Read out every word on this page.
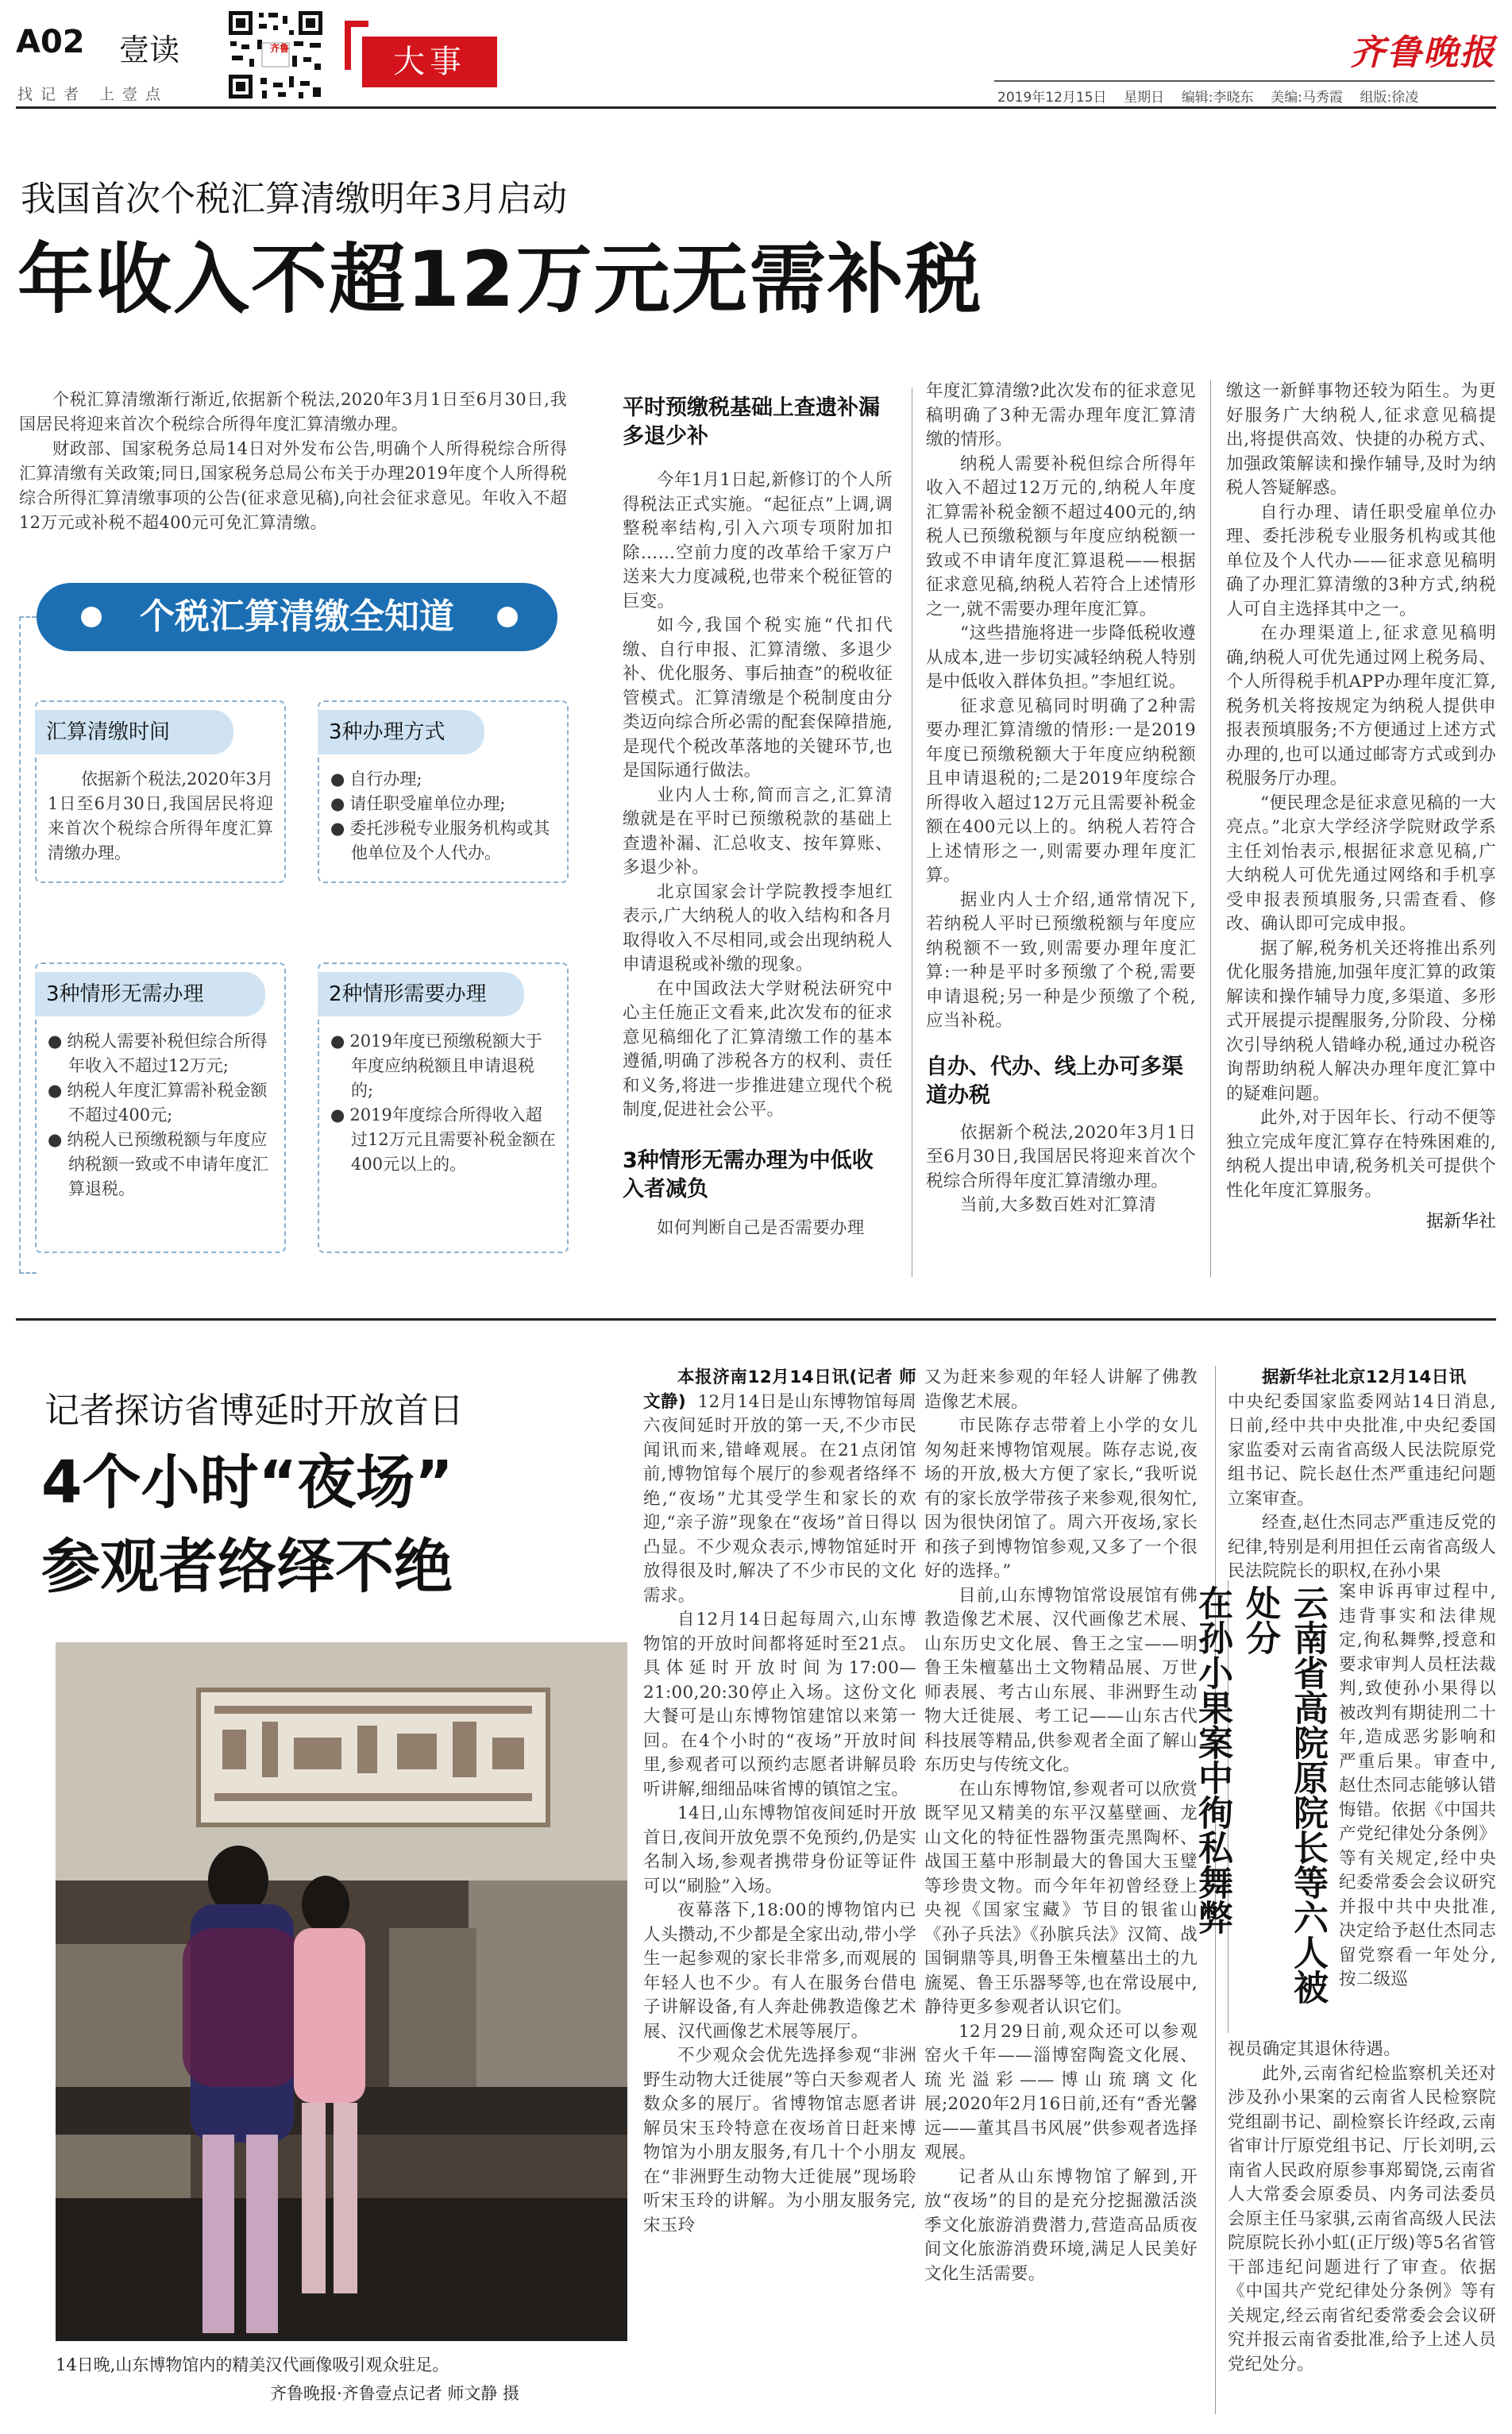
A02 壹读
找记者 上壹点
齐鲁	大事	齐鲁晚报
2019年12月15日 星期日 编辑:李晓东 美编:马秀霞 组版:徐凌
我国首次个税汇算清缴明年3月启动
年收入不超12万元无需补税

个税汇算清缴渐行渐近,依据新个税法,2020年3月1日至6月30日,我国居民将迎来首次个税综合所得年度汇算清缴办理。

财政部、国家税务总局14日对外发布公告,明确个人所得税综合所得汇算清缴有关政策;同日,国家税务总局公布关于办理2019年度个人所得税综合所得汇算清缴事项的公告(征求意见稿),向社会征求意见。年收入不超12万元或补税不超400元可免汇算清缴。

个税汇算清缴全知道

依据新个税法,2020年3月1日至6月30日,我国居民将迎来首次个税综合所得年度汇算清缴办理。

汇算清缴时间
● 自行办理;
● 请任职受雇单位办理;
● 委托涉税专业服务机构或其他单位及个人代办。
3种办理方式
● 纳税人需要补税但综合所得年收入不超过12万元;
● 纳税人年度汇算需补税金额不超过400元;
● 纳税人已预缴税额与年度应纳税额一致或不申请年度汇算退税。
3种情形无需办理
● 2019年度已预缴税额大于年度应纳税额且申请退税的;
● 2019年度综合所得收入超过12万元且需要补税金额在400元以上的。
2种情形需要办理
平时预缴税基础上查遗补漏多退少补

今年1月1日起,新修订的个人所得税法正式实施。“起征点”上调,调整税率结构,引入六项专项附加扣除……空前力度的改革给千家万户送来大力度减税,也带来个税征管的巨变。

如今,我国个税实施“代扣代缴、自行申报、汇算清缴、多退少补、优化服务、事后抽查”的税收征管模式。汇算清缴是个税制度由分类迈向综合所必需的配套保障措施,是现代个税改革落地的关键环节,也是国际通行做法。

业内人士称,简而言之,汇算清缴就是在平时已预缴税款的基础上查遗补漏、汇总收支、按年算账、多退少补。

北京国家会计学院教授李旭红表示,广大纳税人的收入结构和各月取得收入不尽相同,或会出现纳税人申请退税或补缴的现象。

在中国政法大学财税法研究中心主任施正文看来,此次发布的征求意见稿细化了汇算清缴工作的基本遵循,明确了涉税各方的权利、责任和义务,将进一步推进建立现代个税制度,促进社会公平。

3种情形无需办理为中低收入者减负

如何判断自己是否需要办理

年度汇算清缴?此次发布的征求意见稿明确了3种无需办理年度汇算清缴的情形。

纳税人需要补税但综合所得年收入不超过12万元的,纳税人年度汇算需补税金额不超过400元的,纳税人已预缴税额与年度应纳税额一致或不申请年度汇算退税——根据征求意见稿,纳税人若符合上述情形之一,就不需要办理年度汇算。

“这些措施将进一步降低税收遵从成本,进一步切实减轻纳税人特别是中低收入群体负担。”李旭红说。

征求意见稿同时明确了2种需要办理汇算清缴的情形:一是2019年度已预缴税额大于年度应纳税额且申请退税的;二是2019年度综合所得收入超过12万元且需要补税金额在400元以上的。纳税人若符合上述情形之一,则需要办理年度汇算。

据业内人士介绍,通常情况下,若纳税人平时已预缴税额与年度应纳税额不一致,则需要办理年度汇算:一种是平时多预缴了个税,需要申请退税;另一种是少预缴了个税,应当补税。

自办、代办、线上办可多渠道办税

依据新个税法,2020年3月1日至6月30日,我国居民将迎来首次个税综合所得年度汇算清缴办理。

当前,大多数百姓对汇算清

缴这一新鲜事物还较为陌生。为更好服务广大纳税人,征求意见稿提出,将提供高效、快捷的办税方式、加强政策解读和操作辅导,及时为纳税人答疑解惑。

自行办理、请任职受雇单位办理、委托涉税专业服务机构或其他单位及个人代办——征求意见稿明确了办理汇算清缴的3种方式,纳税人可自主选择其中之一。

在办理渠道上,征求意见稿明确,纳税人可优先通过网上税务局、个人所得税手机APP办理年度汇算,税务机关将按规定为纳税人提供申报表预填服务;不方便通过上述方式办理的,也可以通过邮寄方式或到办税服务厅办理。

“便民理念是征求意见稿的一大亮点。”北京大学经济学院财政学系主任刘怡表示,根据征求意见稿,广大纳税人可优先通过网络和手机享受申报表预填服务,只需查看、修改、确认即可完成申报。

据了解,税务机关还将推出系列优化服务措施,加强年度汇算的政策解读和操作辅导力度,多渠道、多形式开展提示提醒服务,分阶段、分梯次引导纳税人错峰办税,通过办税咨询帮助纳税人解决办理年度汇算中的疑难问题。

此外,对于因年长、行动不便等独立完成年度汇算存在特殊困难的,纳税人提出申请,税务机关可提供个性化年度汇算服务。

据新华社
记者探访省博延时开放首日
4个小时“夜场”
参观者络绎不绝
14日晚,山东博物馆内的精美汉代画像吸引观众驻足。
齐鲁晚报·齐鲁壹点记者 师文静 摄

本报济南12月14日讯(记者 师文静) 12月14日是山东博物馆每周六夜间延时开放的第一天,不少市民闻讯而来,错峰观展。在21点闭馆前,博物馆每个展厅的参观者络绎不绝,“夜场”尤其受学生和家长的欢迎,“亲子游”现象在“夜场”首日得以凸显。不少观众表示,博物馆延时开放得很及时,解决了不少市民的文化需求。

自12月14日起每周六,山东博物馆的开放时间都将延时至21点。具体延时开放时间为17:00—21:00,20:30停止入场。这份文化大餐可是山东博物馆建馆以来第一回。在4个小时的“夜场”开放时间里,参观者可以预约志愿者讲解员聆听讲解,细细品味省博的镇馆之宝。

14日,山东博物馆夜间延时开放首日,夜间开放免票不免预约,仍是实名制入场,参观者携带身份证等证件可以“刷脸”入场。

夜幕落下,18:00的博物馆内已人头攒动,不少都是全家出动,带小学生一起参观的家长非常多,而观展的年轻人也不少。有人在服务台借电子讲解设备,有人奔赴佛教造像艺术展、汉代画像艺术展等展厅。

不少观众会优先选择参观“非洲野生动物大迁徙展”等白天参观者人数众多的展厅。省博物馆志愿者讲解员宋玉玲特意在夜场首日赶来博物馆为小朋友服务,有几十个小朋友在“非洲野生动物大迁徙展”现场聆听宋玉玲的讲解。为小朋友服务完,宋玉玲

又为赶来参观的年轻人讲解了佛教造像艺术展。

市民陈存志带着上小学的女儿匆匆赶来博物馆观展。陈存志说,夜场的开放,极大方便了家长,“我听说有的家长放学带孩子来参观,很匆忙,因为很快闭馆了。周六开夜场,家长和孩子到博物馆参观,又多了一个很好的选择。”

目前,山东博物馆常设展馆有佛教造像艺术展、汉代画像艺术展、山东历史文化展、鲁王之宝——明鲁王朱檀墓出土文物精品展、万世师表展、考古山东展、非洲野生动物大迁徙展、考工记——山东古代科技展等精品,供参观者全面了解山东历史与传统文化。

在山东博物馆,参观者可以欣赏既罕见又精美的东平汉墓壁画、龙山文化的特征性器物蛋壳黑陶杯、战国王墓中形制最大的鲁国大玉璧等珍贵文物。而今年年初曾经登上央视《国家宝藏》节目的银雀山《孙子兵法》《孙膑兵法》汉简、战国铜鼎等具,明鲁王朱檀墓出土的九旒冕、鲁王乐器琴等,也在常设展中,静待更多参观者认识它们。

12月29日前,观众还可以参观窑火千年——淄博窑陶瓷文化展、琉光溢彩——博山琉璃文化展;2020年2月16日前,还有“香光馨远——董其昌书风展”供参观者选择观展。

记者从山东博物馆了解到,开放“夜场”的目的是充分挖掘激活淡季文化旅游消费潜力,营造高品质夜间文化旅游消费环境,满足人民美好文化生活需要。

据新华社北京12月14日讯

中央纪委国家监委网站14日消息,日前,经中共中央批准,中央纪委国家监委对云南省高级人民法院原党组书记、院长赵仕杰严重违纪问题立案审查。

经查,赵仕杰同志严重违反党的纪律,特别是利用担任云南省高级人民法院院长的职权,在孙小果

云南省高院原院长等六人被处分
在孙小果案中徇私舞弊	案申诉再审过程中,违背事实和法律规定,徇私舞弊,授意和要求审判人员枉法裁判,致使孙小果得以被改判有期徒刑二十年,造成恶劣影响和严重后果。审查中,赵仕杰同志能够认错悔错。依据《中国共产党纪律处分条例》等有关规定,经中央纪委常委会会议研究并报中共中央批准,决定给予赵仕杰同志留党察看一年处分,按二级巡

视员确定其退休待遇。

此外,云南省纪检监察机关还对涉及孙小果案的云南省人民检察院党组副书记、副检察长许经政,云南省审计厅原党组书记、厅长刘明,云南省人民政府原参事郑蜀饶,云南省人大常委会原委员、内务司法委员会原主任马家骐,云南省高级人民法院原院长孙小虹(正厅级)等5名省管干部违纪问题进行了审查。依据《中国共产党纪律处分条例》等有关规定,经云南省纪委常委会会议研究并报云南省委批准,给予上述人员党纪处分。
